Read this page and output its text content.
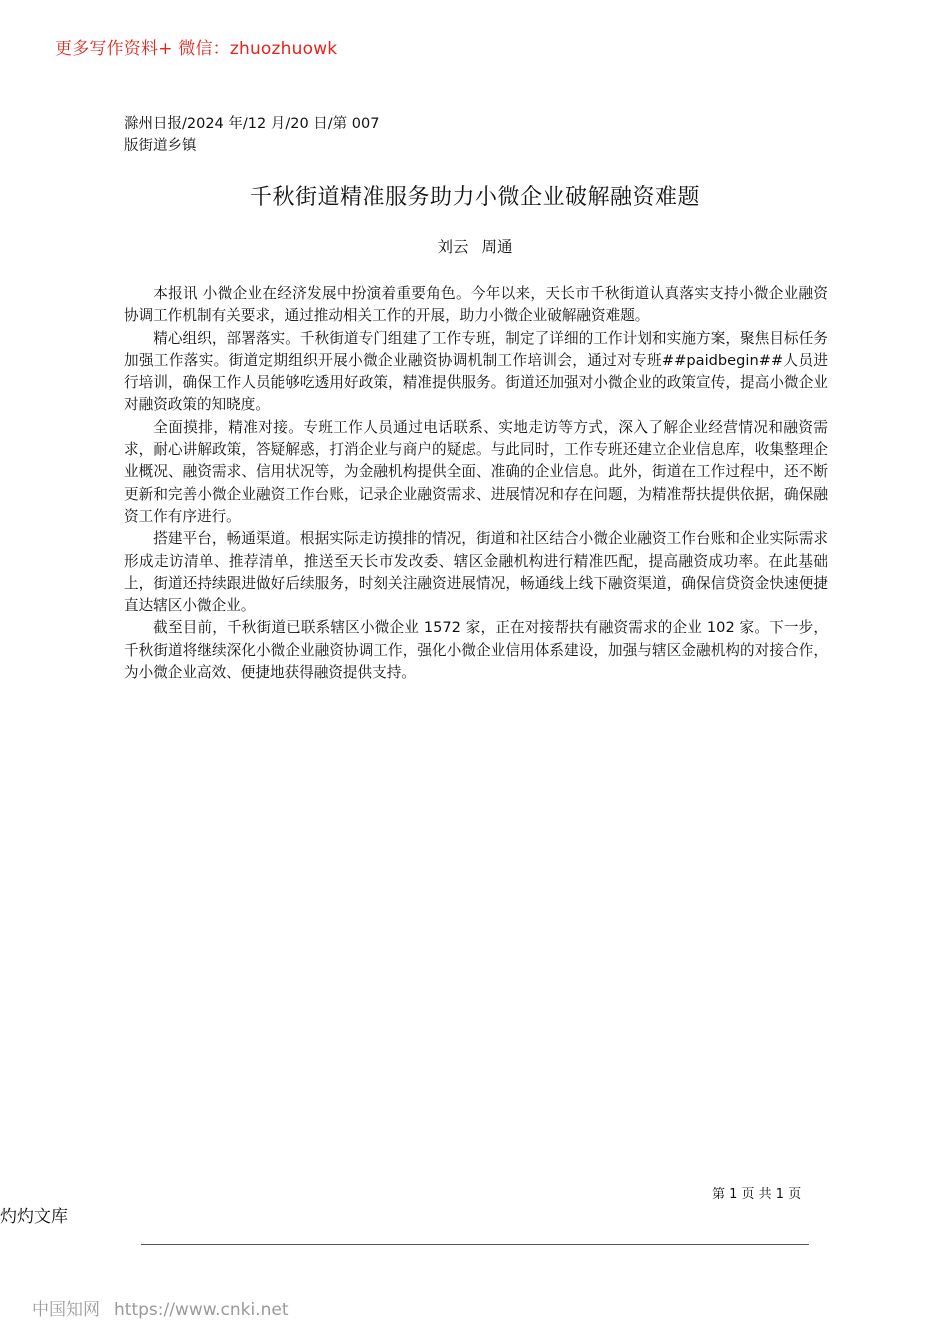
更多写作资料+ 微信：zhuozhuowk
滁州日报/2024 年/12 月/20 日/第 007
版街道乡镇
千秋街道精准服务助力小微企业破解融资难题
刘云 周通

本报讯 小微企业在经济发展中扮演着重要角色。今年以来，天长市千秋街道认真落实支持小微企业融资协调工作机制有关要求，通过推动相关工作的开展，助力小微企业破解融资难题。

精心组织，部署落实。千秋街道专门组建了工作专班，制定了详细的工作计划和实施方案，聚焦目标任务加强工作落实。街道定期组织开展小微企业融资协调机制工作培训会，通过对专班##paidbegin##人员进行培训，确保工作人员能够吃透用好政策，精准提供服务。街道还加强对小微企业的政策宣传，提高小微企业对融资政策的知晓度。

全面摸排，精准对接。专班工作人员通过电话联系、实地走访等方式，深入了解企业经营情况和融资需求，耐心讲解政策，答疑解惑，打消企业与商户的疑虑。与此同时，工作专班还建立企业信息库，收集整理企业概况、融资需求、信用状况等，为金融机构提供全面、准确的企业信息。此外，街道在工作过程中，还不断更新和完善小微企业融资工作台账，记录企业融资需求、进展情况和存在问题，为精准帮扶提供依据，确保融资工作有序进行。

搭建平台，畅通渠道。根据实际走访摸排的情况，街道和社区结合小微企业融资工作台账和企业实际需求形成走访清单、推荐清单，推送至天长市发改委、辖区金融机构进行精准匹配，提高融资成功率。在此基础上，街道还持续跟进做好后续服务，时刻关注融资进展情况，畅通线上线下融资渠道，确保信贷资金快速便捷直达辖区小微企业。

截至目前，千秋街道已联系辖区小微企业 1572 家，正在对接帮扶有融资需求的企业 102 家。下一步，千秋街道将继续深化小微企业融资协调工作，强化小微企业信用体系建设，加强与辖区金融机构的对接合作，为小微企业高效、便捷地获得融资提供支持。

第 1 页 共 1 页
灼灼文库
中国知网 https://www.cnki.net
